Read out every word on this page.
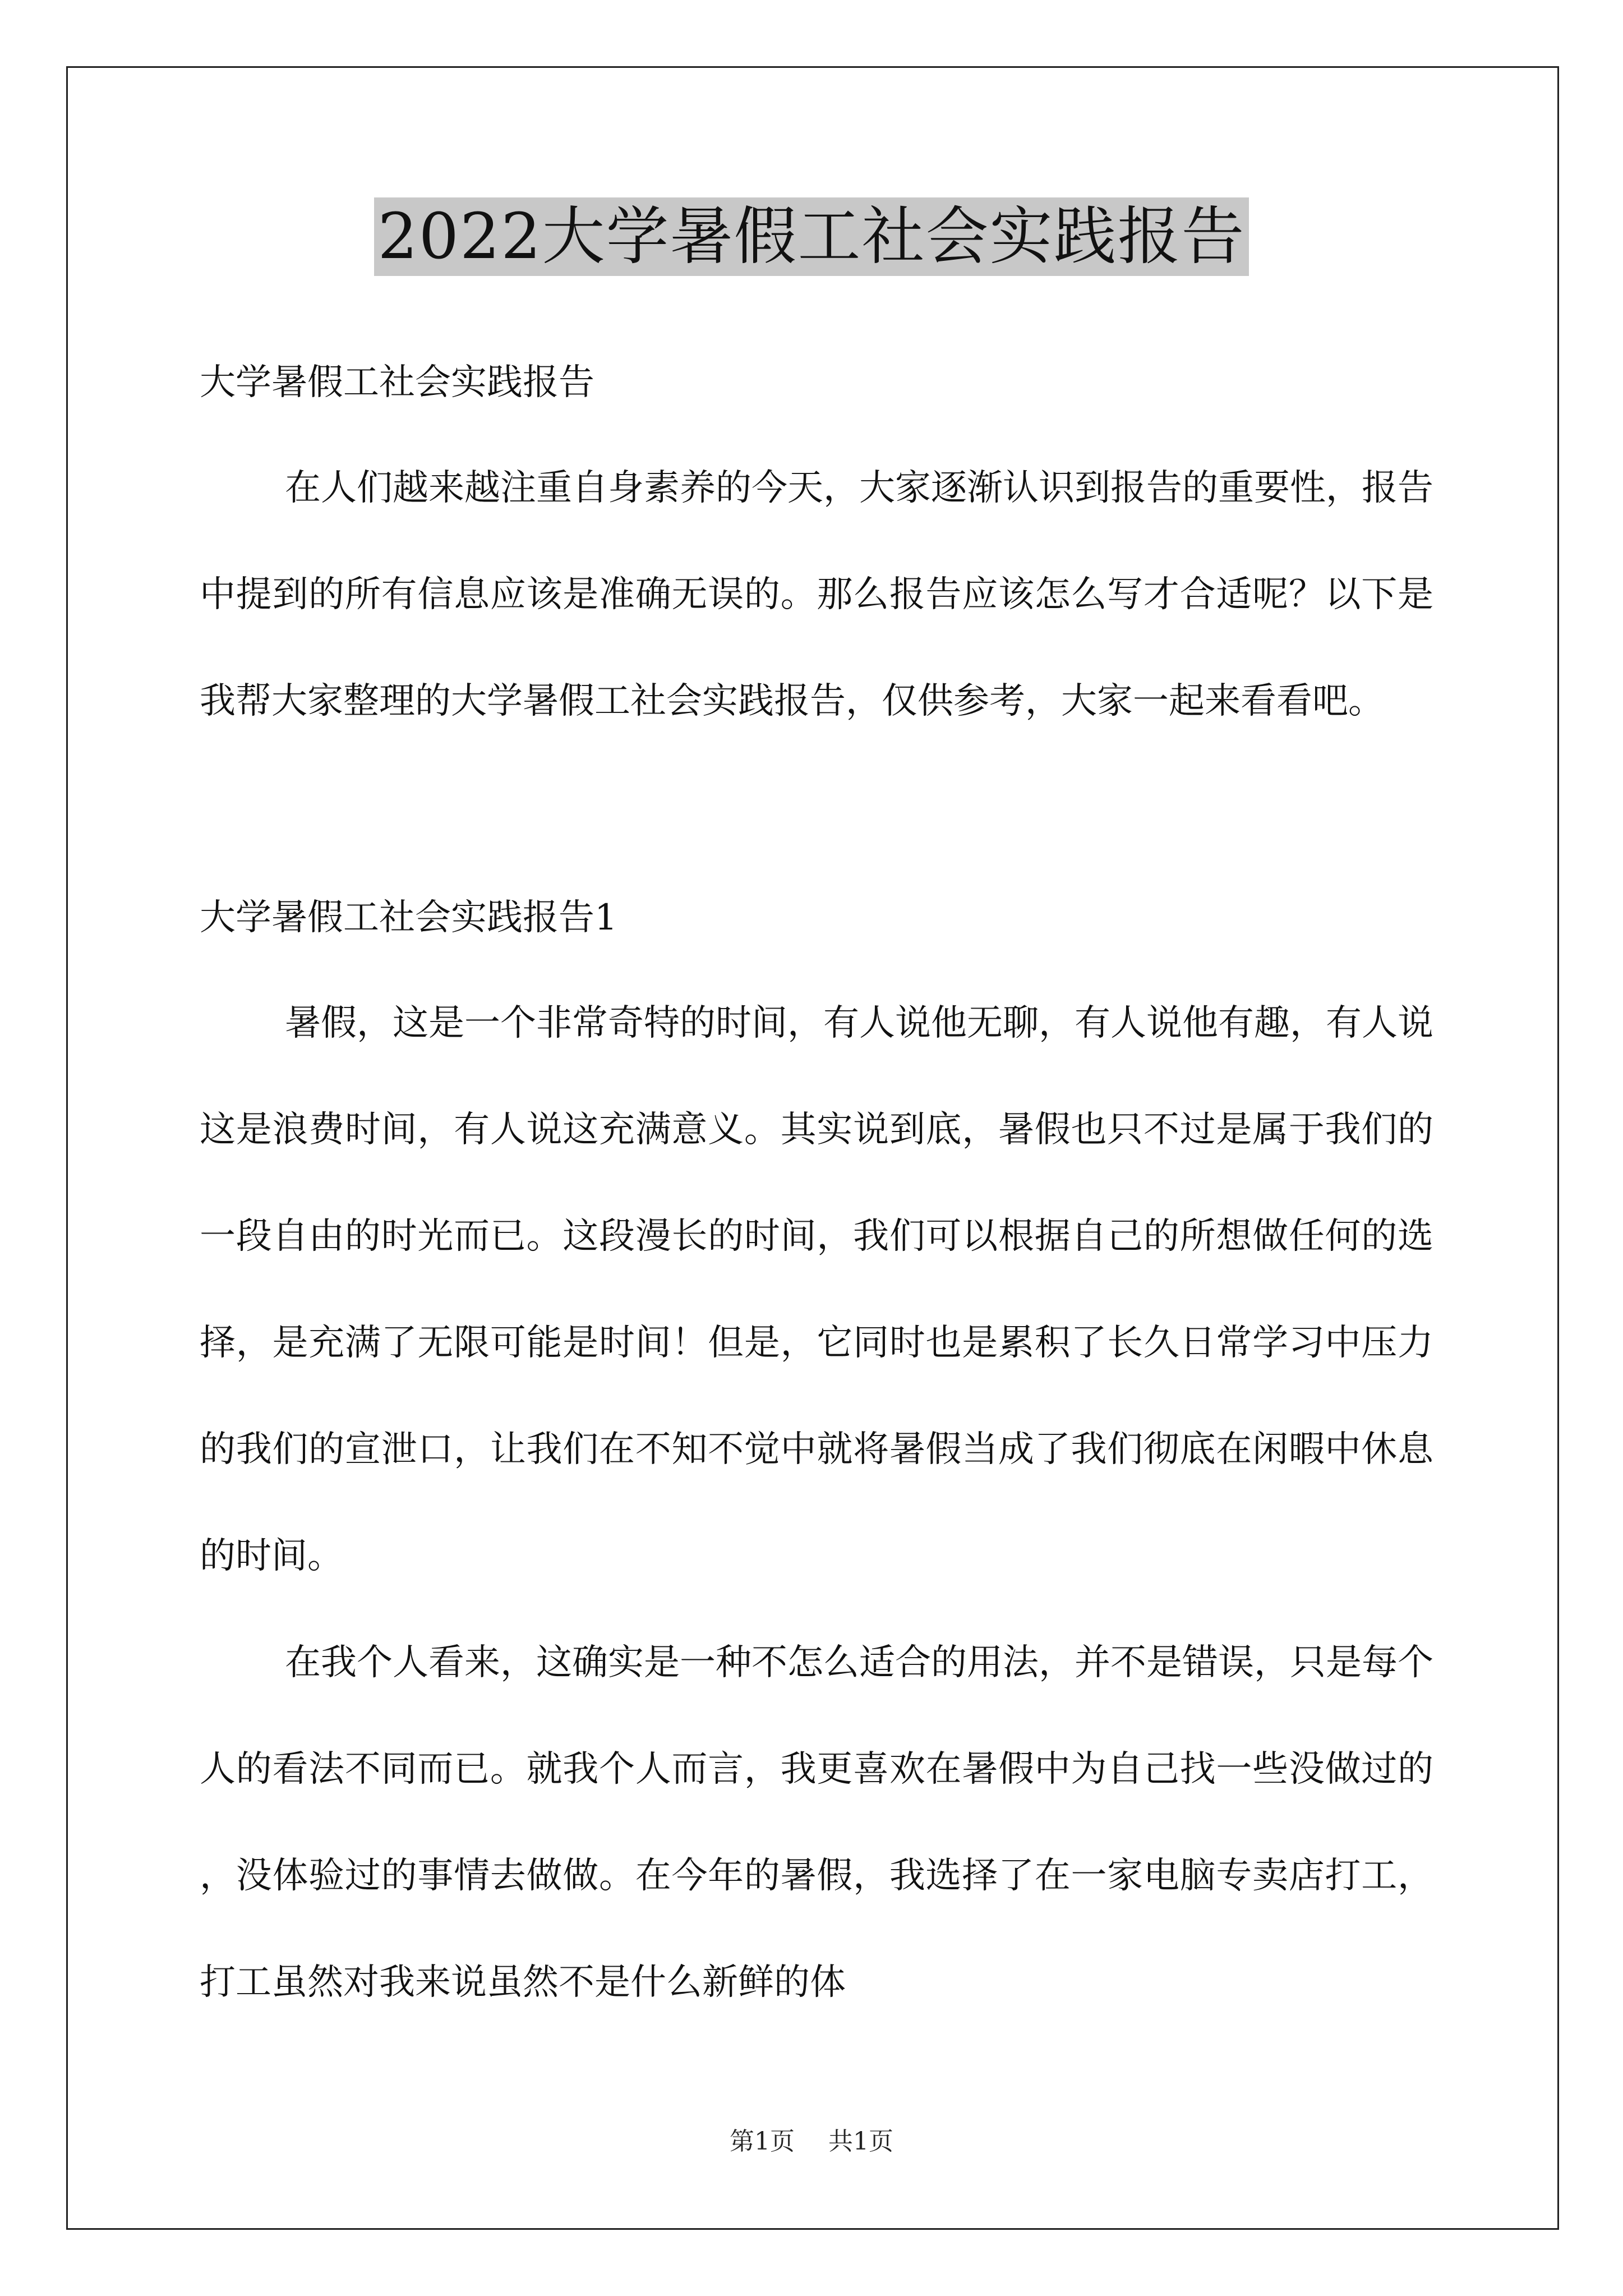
2022大学暑假工社会实践报告
大学暑假工社会实践报告
在人们越来越注重自身素养的今天，大家逐渐认识到报告的重要性，报告中提到的所有信息应该是准确无误的。那么报告应该怎么写才合适呢？以下是我帮大家整理的大学暑假工社会实践报告，仅供参考，大家一起来看看吧。
大学暑假工社会实践报告1
暑假，这是一个非常奇特的时间，有人说他无聊，有人说他有趣，有人说这是浪费时间，有人说这充满意义。其实说到底，暑假也只不过是属于我们的一段自由的时光而已。这段漫长的时间，我们可以根据自己的所想做任何的选择，是充满了无限可能是时间！但是，它同时也是累积了长久日常学习中压力的我们的宣泄口，让我们在不知不觉中就将暑假当成了我们彻底在闲暇中休息的时间。
在我个人看来，这确实是一种不怎么适合的用法，并不是错误，只是每个人的看法不同而已。就我个人而言，我更喜欢在暑假中为自己找一些没做过的，没体验过的事情去做做。在今年的暑假，我选择了在一家电脑专卖店打工，打工虽然对我来说虽然不是什么新鲜的体
第1页 共1页
